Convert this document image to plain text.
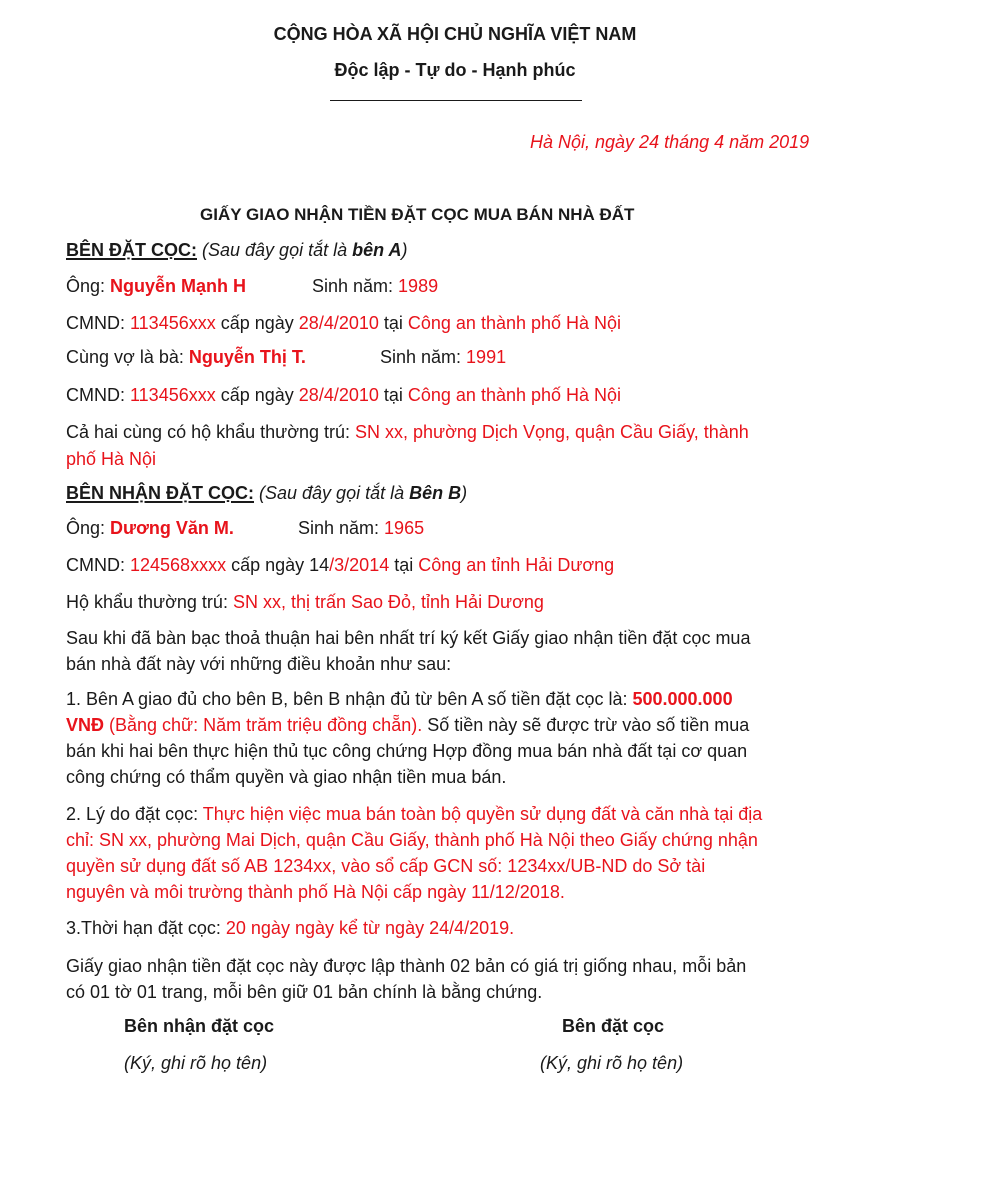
CỘNG HÒA XÃ HỘI CHỦ NGHĨA VIỆT NAM
Độc lập - Tự do - Hạnh phúc
Hà Nội, ngày 24 tháng 4 năm 2019
GIẤY GIAO NHẬN TIỀN ĐẶT CỌC MUA BÁN NHÀ ĐẤT
BÊN ĐẶT CỌC: (Sau đây gọi tắt là bên A)
Ông: Nguyễn Mạnh H	Sinh năm: 1989
CMND: 113456xxx cấp ngày 28/4/2010 tại Công an thành phố Hà Nội
Cùng vợ là bà: Nguyễn Thị T.	Sinh năm: 1991
CMND: 113456xxx cấp ngày 28/4/2010 tại Công an thành phố Hà Nội
Cả hai cùng có hộ khẩu thường trú: SN xx, phường Dịch Vọng, quận Cầu Giấy, thành
phố Hà Nội
BÊN NHẬN ĐẶT CỌC: (Sau đây gọi tắt là Bên B)
Ông: Dương Văn M.	Sinh năm: 1965
CMND: 124568xxxx cấp ngày 14/3/2014 tại Công an tỉnh Hải Dương
Hộ khẩu thường trú: SN xx, thị trấn Sao Đỏ, tỉnh Hải Dương
Sau khi đã bàn bạc thoả thuận hai bên nhất trí ký kết Giấy giao nhận tiền đặt cọc mua
bán nhà đất này với những điều khoản như sau:
1. Bên A giao đủ cho bên B, bên B nhận đủ từ bên A số tiền đặt cọc là: 500.000.000
VNĐ (Bằng chữ: Năm trăm triệu đồng chẵn). Số tiền này sẽ được trừ vào số tiền mua
bán khi hai bên thực hiện thủ tục công chứng Hợp đồng mua bán nhà đất tại cơ quan
công chứng có thẩm quyền và giao nhận tiền mua bán.
2. Lý do đặt cọc: Thực hiện việc mua bán toàn bộ quyền sử dụng đất và căn nhà tại địa
chỉ: SN xx, phường Mai Dịch, quận Cầu Giấy, thành phố Hà Nội theo Giấy chứng nhận
quyền sử dụng đất số AB 1234xx, vào sổ cấp GCN số: 1234xx/UB-ND do Sở tài
nguyên và môi trường thành phố Hà Nội cấp ngày 11/12/2018.
3.Thời hạn đặt cọc: 20 ngày ngày kể từ ngày 24/4/2019.
Giấy giao nhận tiền đặt cọc này được lập thành 02 bản có giá trị giống nhau, mỗi bản
có 01 tờ 01 trang, mỗi bên giữ 01 bản chính là bằng chứng.
Bên nhận đặt cọc
(Ký, ghi rõ họ tên)
Bên đặt cọc
(Ký, ghi rõ họ tên)
